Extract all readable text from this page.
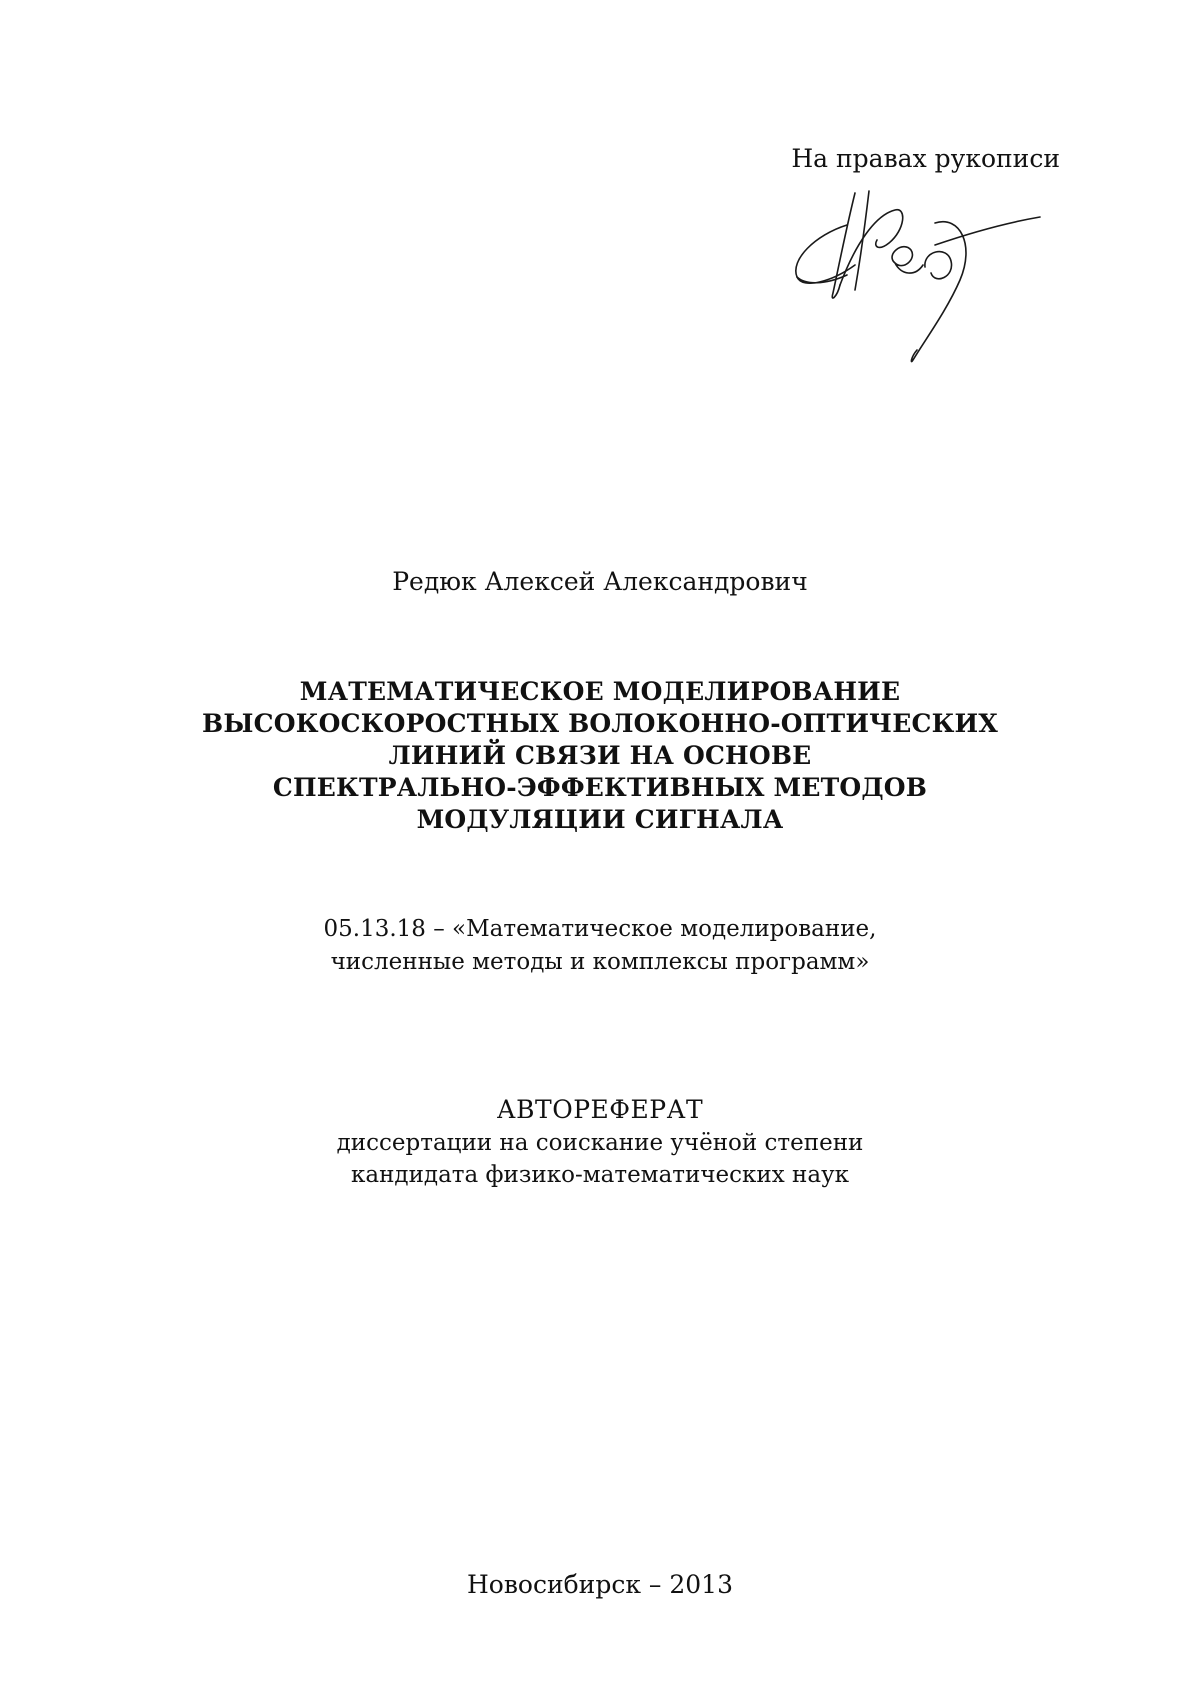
На правах рукописи
Редюк Алексей Александрович
МАТЕМАТИЧЕСКОЕ МОДЕЛИРОВАНИЕ
ВЫСОКОСКОРОСТНЫХ ВОЛОКОННО-ОПТИЧЕСКИХ
ЛИНИЙ СВЯЗИ НА ОСНОВЕ
СПЕКТРАЛЬНО-ЭФФЕКТИВНЫХ МЕТОДОВ
МОДУЛЯЦИИ СИГНАЛА
05.13.18 – «Математическое моделирование,
численные методы и комплексы программ»
АВТОРЕФЕРАТ
диссертации на соискание учёной степени
кандидата физико-математических наук
Новосибирск – 2013
